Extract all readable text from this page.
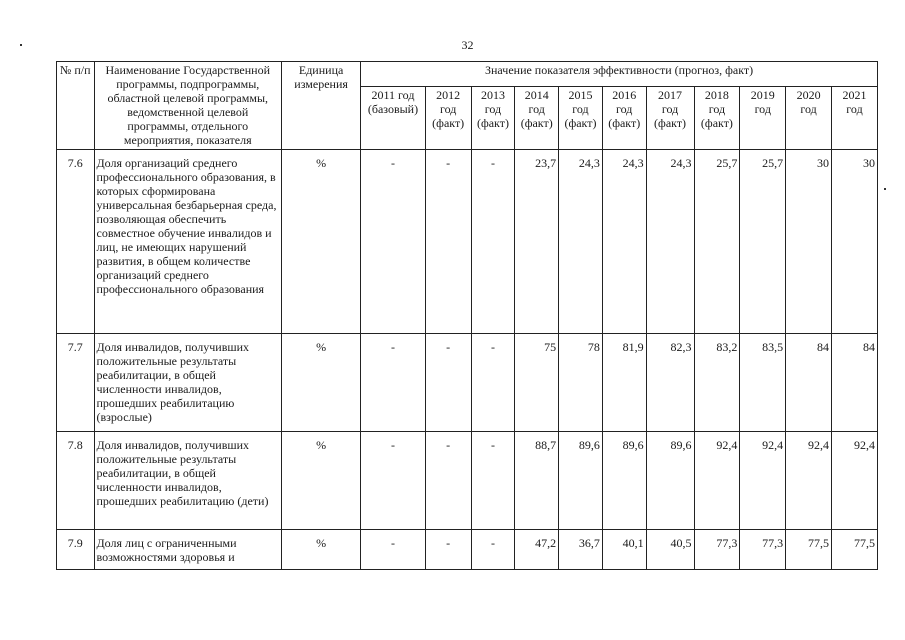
32
№ п/п	Наименование Государственной программы, подпрограммы, областной целевой программы, ведомственной целевой программы, отдельного мероприятия, показателя	Единица измерения	Значение показателя эффективности (прогноз, факт)										
			2011 год (базовый)	2012 год (факт)	2013 год (факт)	2014 год (факт)	2015 год (факт)	2016 год (факт)	2017 год (факт)	2018 год (факт)	2019 год	2020 год	2021 год
7.6	Доля организаций среднего профессионального образования, в которых сформирована универсальная безбарьерная среда, позволяющая обеспечить совместное обучение инвалидов и лиц, не имеющих нарушений развития, в общем количестве организаций среднего профессионального образования	%	-	-	-	23,7	24,3	24,3	24,3	25,7	25,7	30	30
7.7	Доля инвалидов, получивших положительные результаты реабилитации, в общей численности инвалидов, прошедших реабилитацию (взрослые)	%	-	-	-	75	78	81,9	82,3	83,2	83,5	84	84
7.8	Доля инвалидов, получивших положительные результаты реабилитации, в общей численности инвалидов, прошедших реабилитацию (дети)	%	-	-	-	88,7	89,6	89,6	89,6	92,4	92,4	92,4	92,4
7.9	Доля лиц с ограниченными возможностями здоровья и	%	-	-	-	47,2	36,7	40,1	40,5	77,3	77,3	77,5	77,5
